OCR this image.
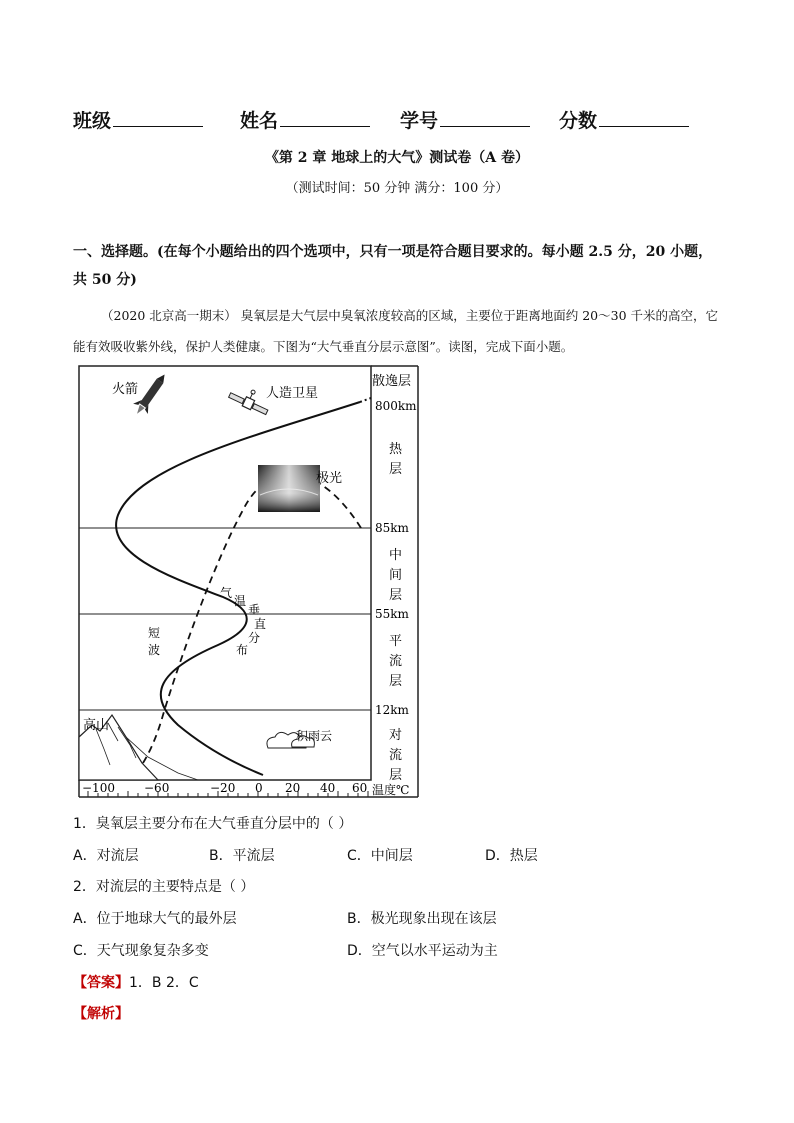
班级	姓名	学号	分数
《第 2 章 地球上的大气》测试卷（A 卷）
（测试时间：50 分钟 满分：100 分）
一、选择题。(在每个小题给出的四个选项中，只有一项是符合题目要求的。每小题 2.5 分，20 小题，共 50 分)
（2020 北京高一期末） 臭氧层是大气层中臭氧浓度较高的区域，主要位于距离地面约 20～30 千米的高空，它能有效吸收紫外线，保护人类健康。下图为“大气垂直分层示意图”。读图，完成下面小题。
800km
85km
55km
12km
散逸层
热
层
中
间
层
平
流
层
对
流
层
−100 −60	−20 0 20 40 60 温度℃
气
温
垂
直
分
布
短
波
极光
火箭	人造卫星
高山
积雨云
1．臭氧层主要分布在大气垂直分层中的（ ）
A．对流层	B．平流层	C．中间层	D．热层
2．对流层的主要特点是（ ）
A．位于地球大气的最外层	B．极光现象出现在该层
C．天气现象复杂多变	D．空气以水平运动为主
【答案】1．B 2．C
【解析】
